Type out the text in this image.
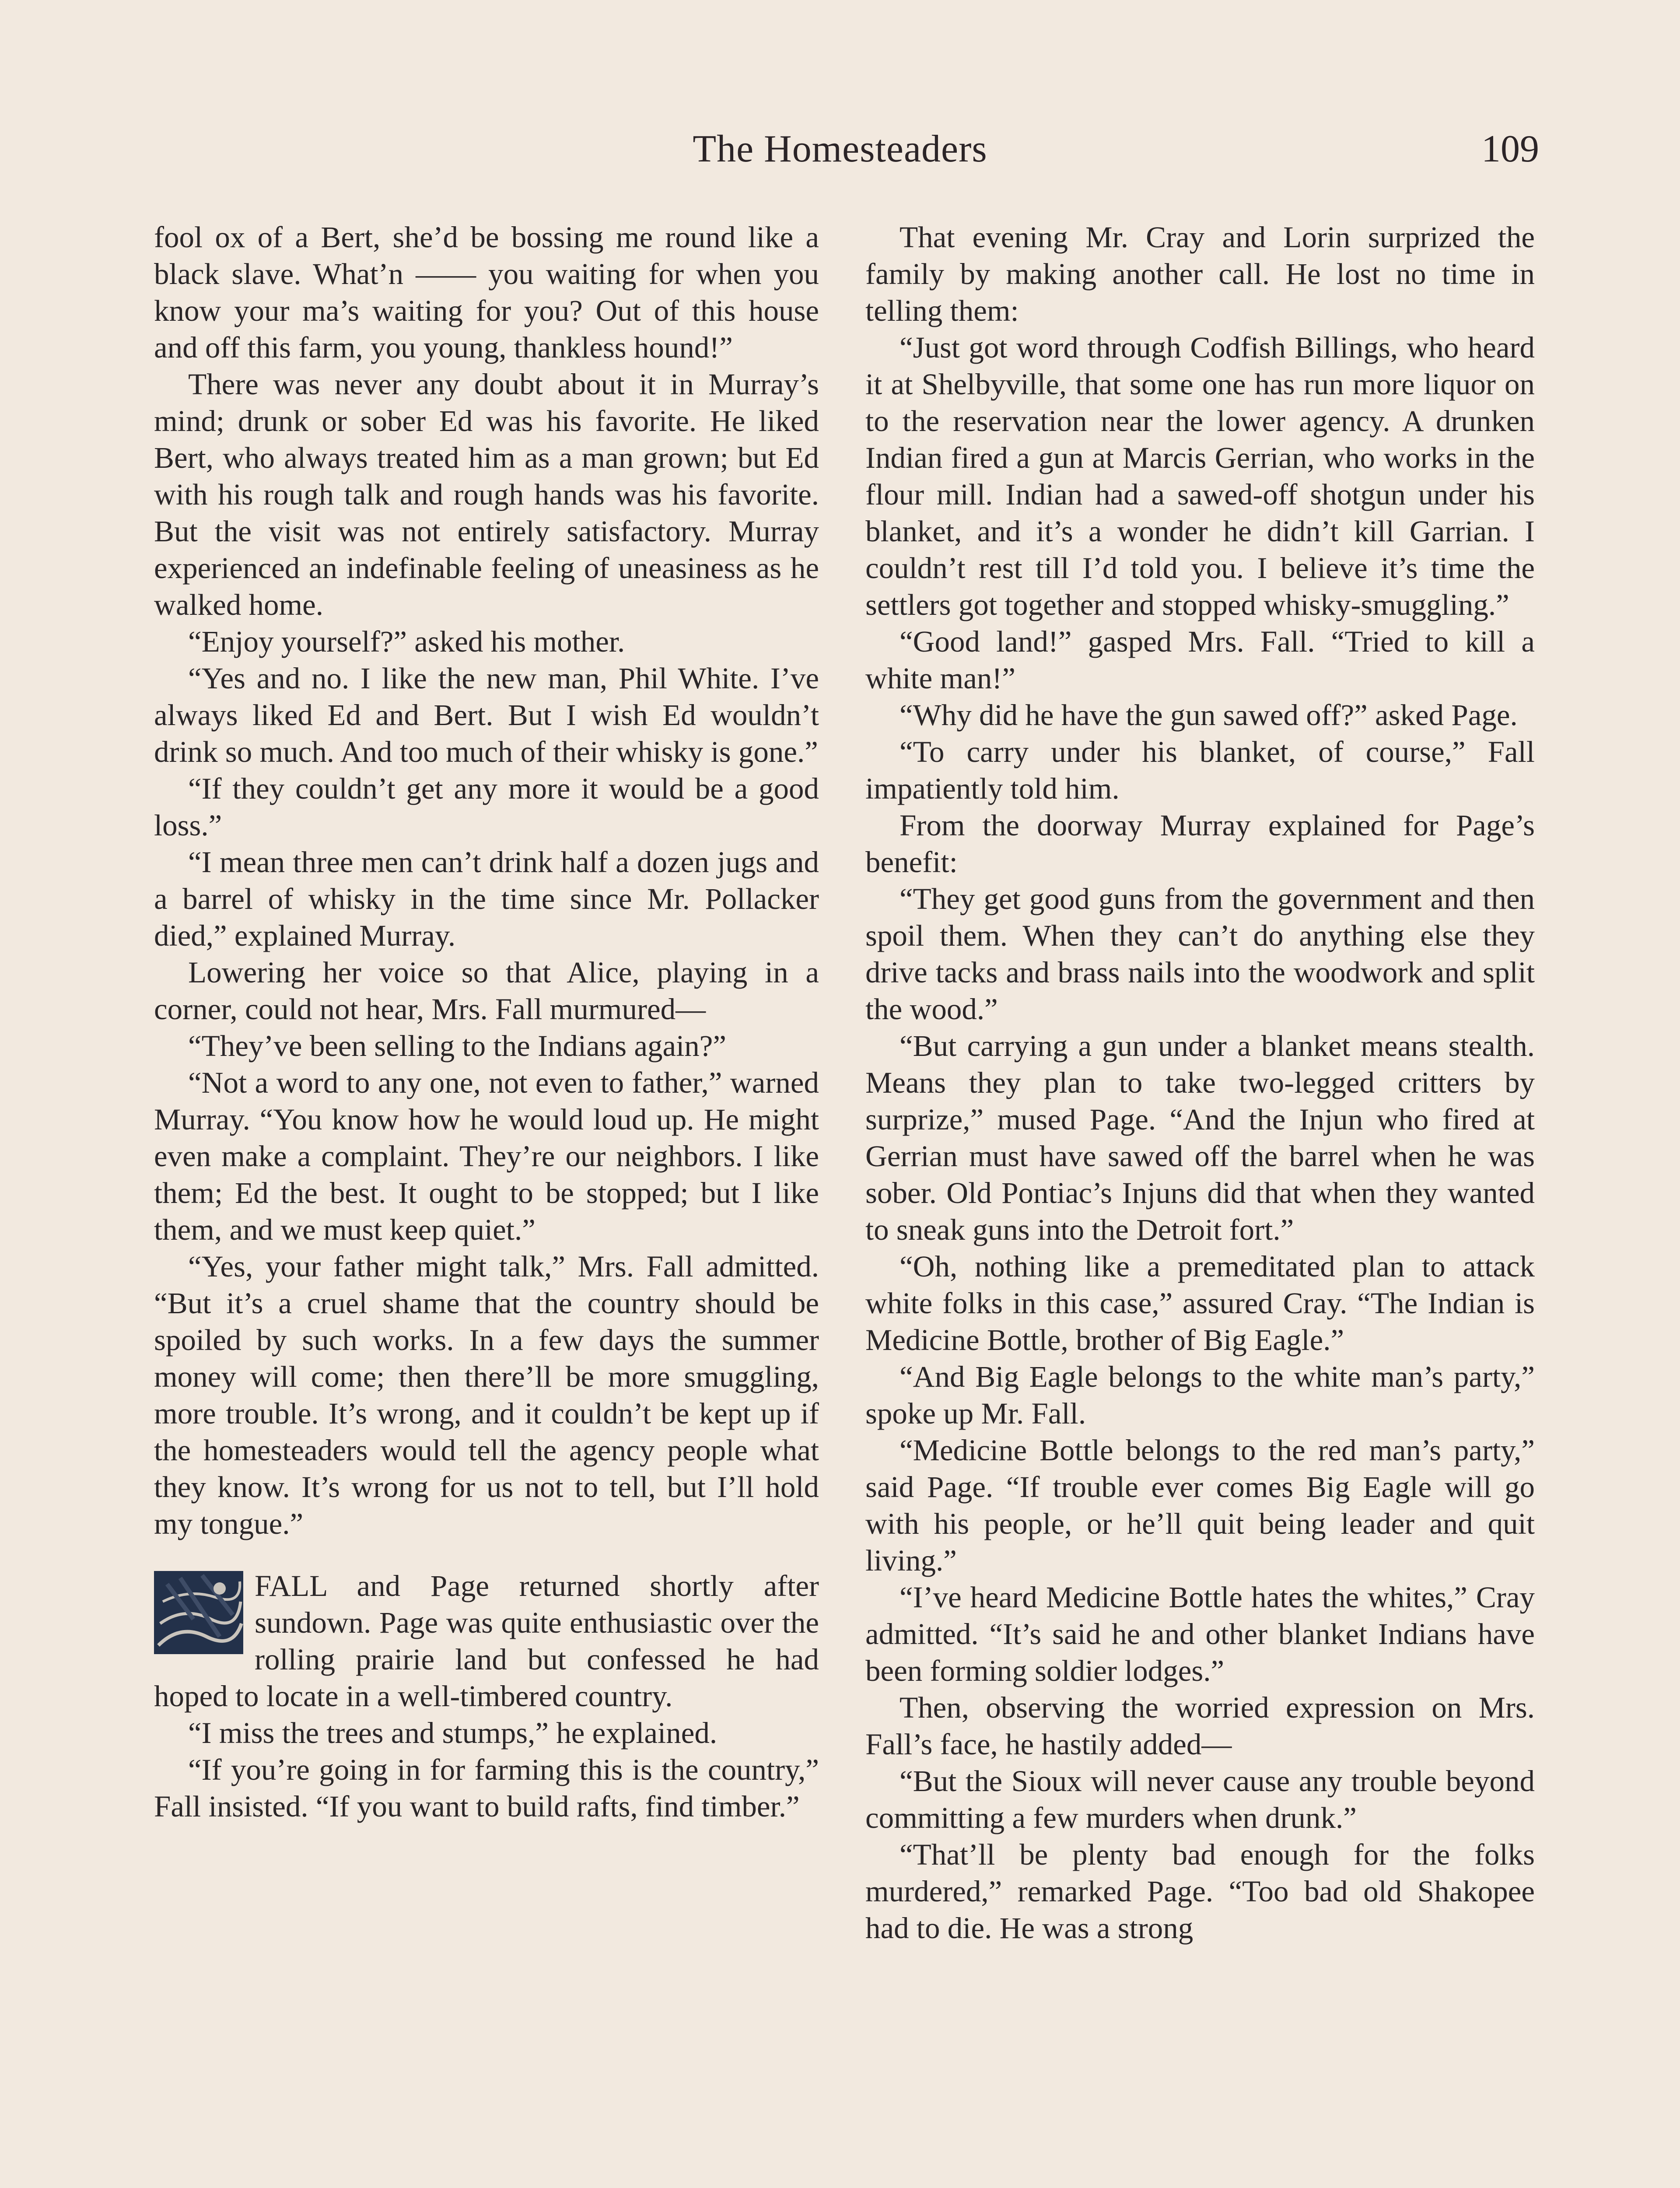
The Homesteaders	109

fool ox of a Bert, she’d be bossing me round like a black slave. What’n —— you waiting for when you know your ma’s waiting for you? Out of this house and off this farm, you young, thankless hound!”

There was never any doubt about it in Murray’s mind; drunk or sober Ed was his favorite. He liked Bert, who always treated him as a man grown; but Ed with his rough talk and rough hands was his favorite. But the visit was not entirely satisfactory. Murray experienced an indefinable feeling of uneasiness as he walked home.

“Enjoy yourself?” asked his mother.

“Yes and no. I like the new man, Phil White. I’ve always liked Ed and Bert. But I wish Ed wouldn’t drink so much. And too much of their whisky is gone.”

“If they couldn’t get any more it would be a good loss.”

“I mean three men can’t drink half a dozen jugs and a barrel of whisky in the time since Mr. Pollacker died,” explained Murray.

Lowering her voice so that Alice, playing in a corner, could not hear, Mrs. Fall murmured—

“They’ve been selling to the Indians again?”

“Not a word to any one, not even to father,” warned Murray. “You know how he would loud up. He might even make a complaint. They’re our neighbors. I like them; Ed the best. It ought to be stopped; but I like them, and we must keep quiet.”

“Yes, your father might talk,” Mrs. Fall admitted. “But it’s a cruel shame that the country should be spoiled by such works. In a few days the summer money will come; then there’ll be more smuggling, more trouble. It’s wrong, and it couldn’t be kept up if the homesteaders would tell the agency people what they know. It’s wrong for us not to tell, but I’ll hold my tongue.”

FALL and Page returned shortly after sundown. Page was quite enthusiastic over the rolling prairie land but confessed he had hoped to locate in a well-timbered country.

“I miss the trees and stumps,” he explained.

“If you’re going in for farming this is the country,” Fall insisted. “If you want to build rafts, find timber.”

That evening Mr. Cray and Lorin surprized the family by making another call. He lost no time in telling them:

“Just got word through Codfish Billings, who heard it at Shelbyville, that some one has run more liquor on to the reservation near the lower agency. A drunken Indian fired a gun at Marcis Gerrian, who works in the flour mill. Indian had a sawed-off shotgun under his blanket, and it’s a wonder he didn’t kill Garrian. I couldn’t rest till I’d told you. I believe it’s time the settlers got together and stopped whisky-smuggling.”

“Good land!” gasped Mrs. Fall. “Tried to kill a white man!”

“Why did he have the gun sawed off?” asked Page.

“To carry under his blanket, of course,” Fall impatiently told him.

From the doorway Murray explained for Page’s benefit:

“They get good guns from the government and then spoil them. When they can’t do anything else they drive tacks and brass nails into the woodwork and split the wood.”

“But carrying a gun under a blanket means stealth. Means they plan to take two-legged critters by surprize,” mused Page. “And the Injun who fired at Gerrian must have sawed off the barrel when he was sober. Old Pontiac’s Injuns did that when they wanted to sneak guns into the Detroit fort.”

“Oh, nothing like a premeditated plan to attack white folks in this case,” assured Cray. “The Indian is Medicine Bottle, brother of Big Eagle.”

“And Big Eagle belongs to the white man’s party,” spoke up Mr. Fall.

“Medicine Bottle belongs to the red man’s party,” said Page. “If trouble ever comes Big Eagle will go with his people, or he’ll quit being leader and quit living.”

“I’ve heard Medicine Bottle hates the whites,” Cray admitted. “It’s said he and other blanket Indians have been forming soldier lodges.”

Then, observing the worried expression on Mrs. Fall’s face, he hastily added—

“But the Sioux will never cause any trouble beyond committing a few murders when drunk.”

“That’ll be plenty bad enough for the folks murdered,” remarked Page. “Too bad old Shakopee had to die. He was a strong
